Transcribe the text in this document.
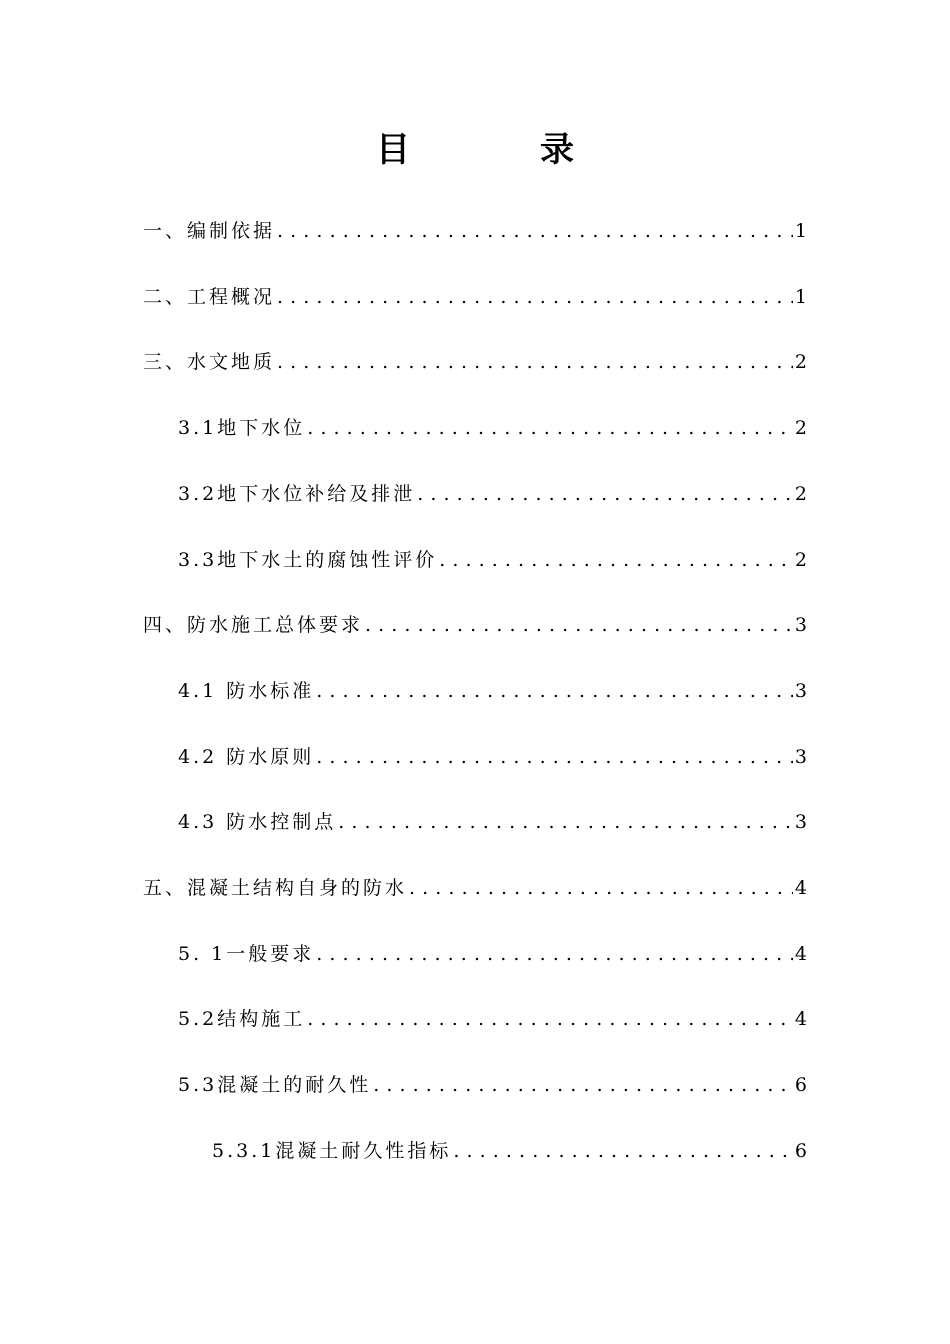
目　录
一、编制依据 .....	1
二、工程概况 .....	1
三、水文地质 .....	2
3.1地下水位 .....	2
3.2地下水位补给及排泄 .....	2
3.3地下水土的腐蚀性评价 .....	2
四、防水施工总体要求 .....	3
4.1 防水标准 .....	3
4.2 防水原则 .....	3
4.3 防水控制点 .....	3
五、混凝土结构自身的防水 .....	4
5. 1一般要求 .....	4
5.2结构施工 .....	4
5.3混凝土的耐久性 .....	6
5.3.1混凝土耐久性指标 .....	6
